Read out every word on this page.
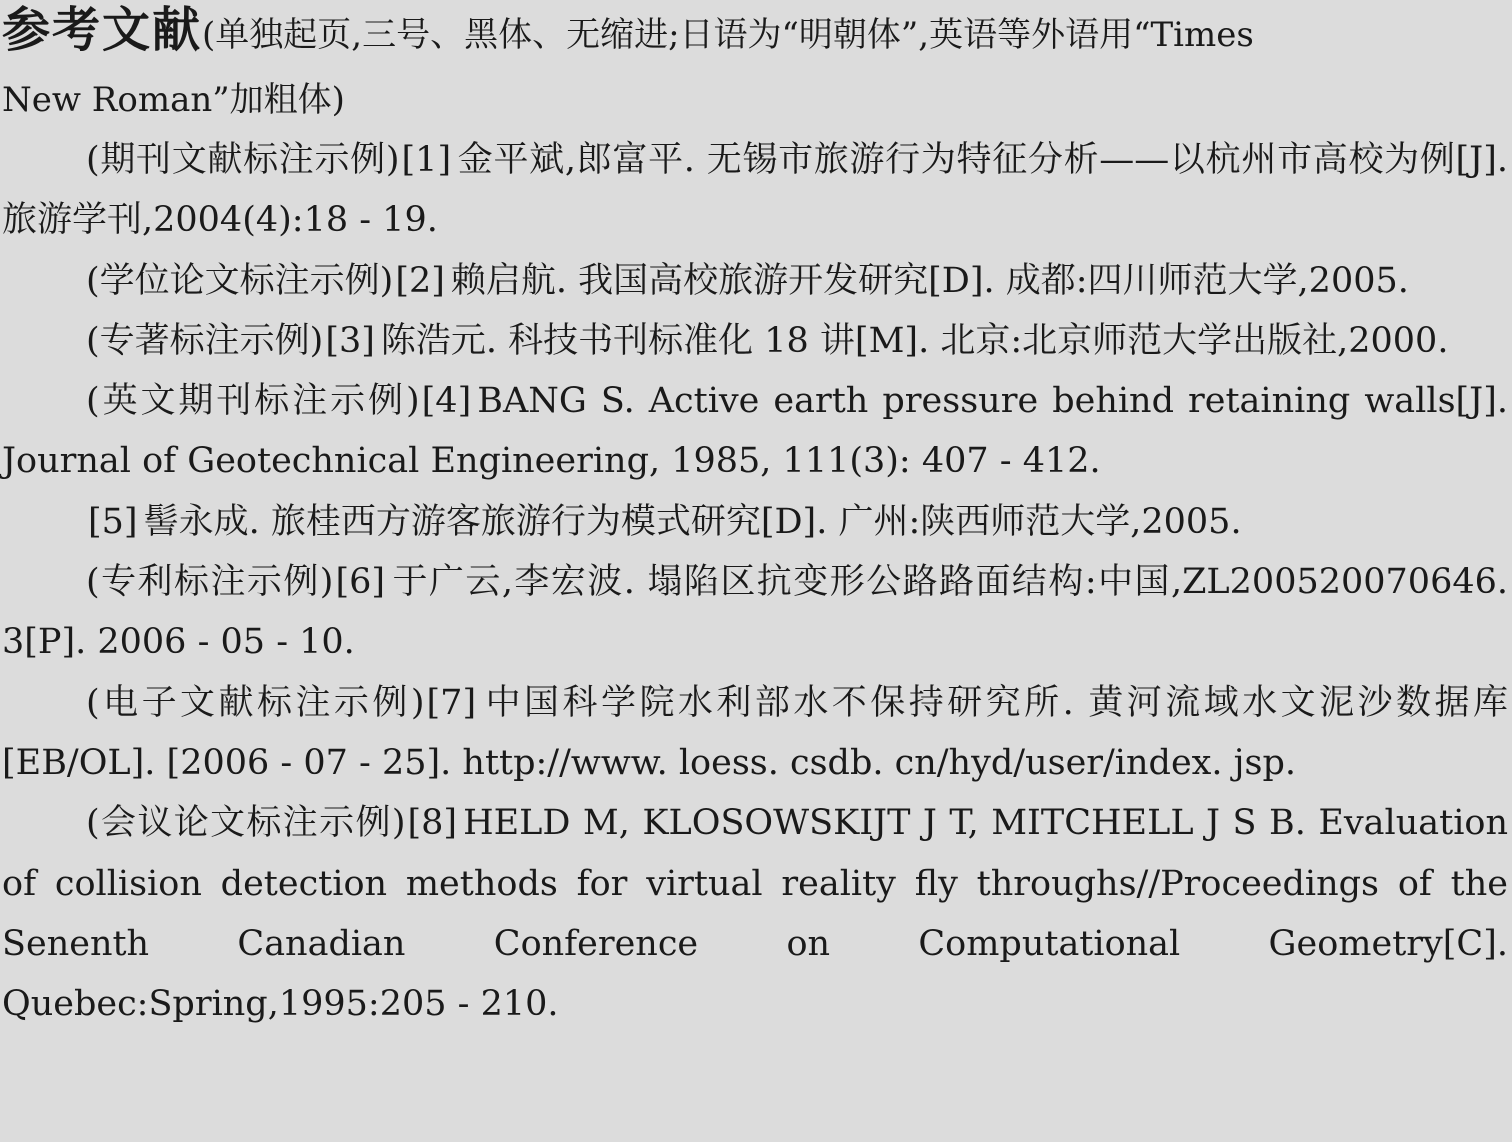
参考文献(单独起页,三号、黑体、无缩进;日语为“明朝体”,英语等外语用“Times
New Roman”加粗体)
(期刊文献标注示例)[1] 金平斌,郎富平. 无锡市旅游行为特征分析——以杭州市高校为例[J]. 旅游学刊,2004(4):18 - 19.
(学位论文标注示例)[2] 赖启航. 我国高校旅游开发研究[D]. 成都:四川师范大学,2005.
(专著标注示例)[3] 陈浩元. 科技书刊标准化 18 讲[M]. 北京:北京师范大学出版社,2000.
(英文期刊标注示例)[4] BANG S. Active earth pressure behind retaining walls[J]. Journal of Geotechnical Engineering, 1985, 111(3): 407 - 412.
[5] 髻永成. 旅桂西方游客旅游行为模式研究[D]. 广州:陕西师范大学,2005.
(专利标注示例)[6] 于广云,李宏波. 塌陷区抗变形公路路面结构:中国,ZL200520070646. 3[P]. 2006 - 05 - 10.
(电子文献标注示例)[7] 中国科学院水利部水不保持研究所. 黄河流域水文泥沙数据库[EB/OL]. [2006 - 07 - 25]. http://www. loess. csdb. cn/hyd/user/index. jsp.
(会议论文标注示例)[8] HELD M, KLOSOWSKIJT J T, MITCHELL J S B. Evaluation of collision detection methods for virtual reality fly throughs//Proceedings of the Senenth Canadian Conference on Computational Geometry[C]. Quebec:Spring,1995:205 - 210.
